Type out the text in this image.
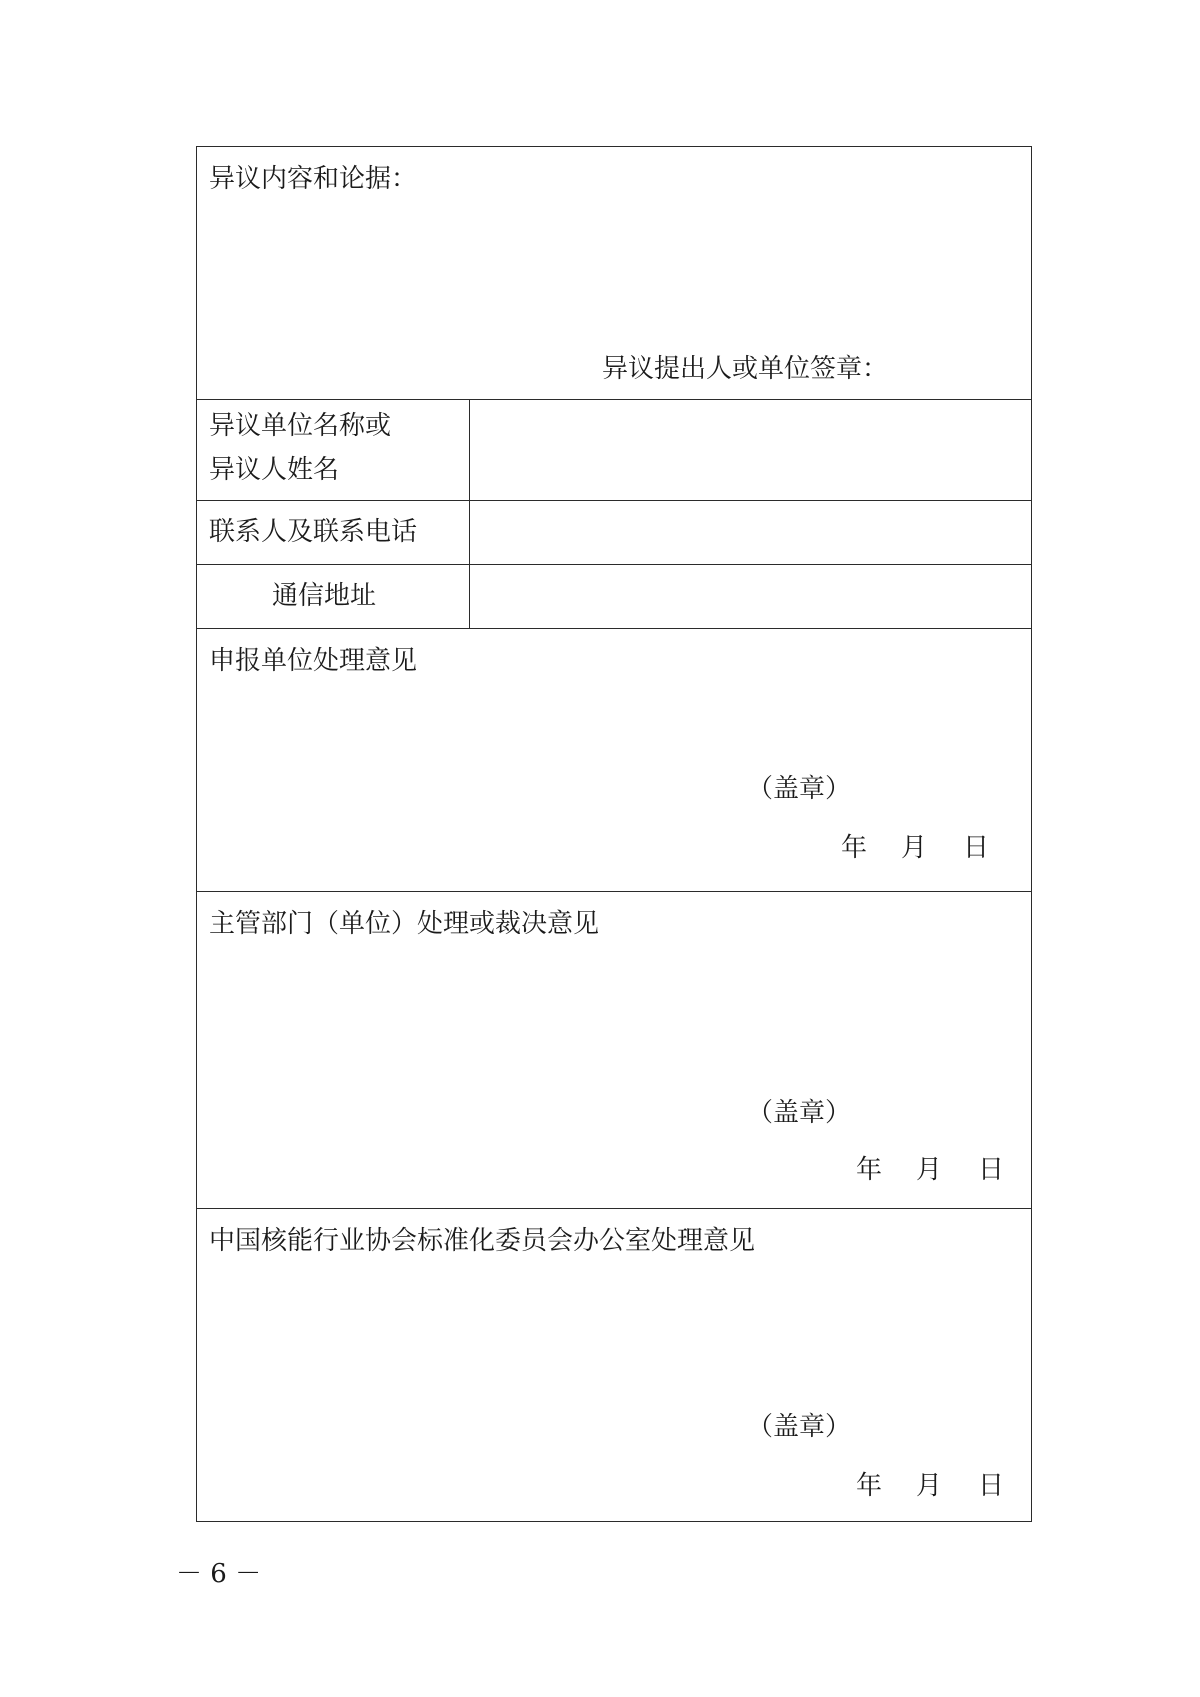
异议内容和论据：
异议提出人或单位签章：
异议单位名称或
异议人姓名
联系人及联系电话
通信地址
申报单位处理意见
（盖章）
年	月	日
主管部门（单位）处理或裁决意见
（盖章）
年	月	日
中国核能行业协会标准化委员会办公室处理意见
（盖章）
年	月	日
－ 6 －
